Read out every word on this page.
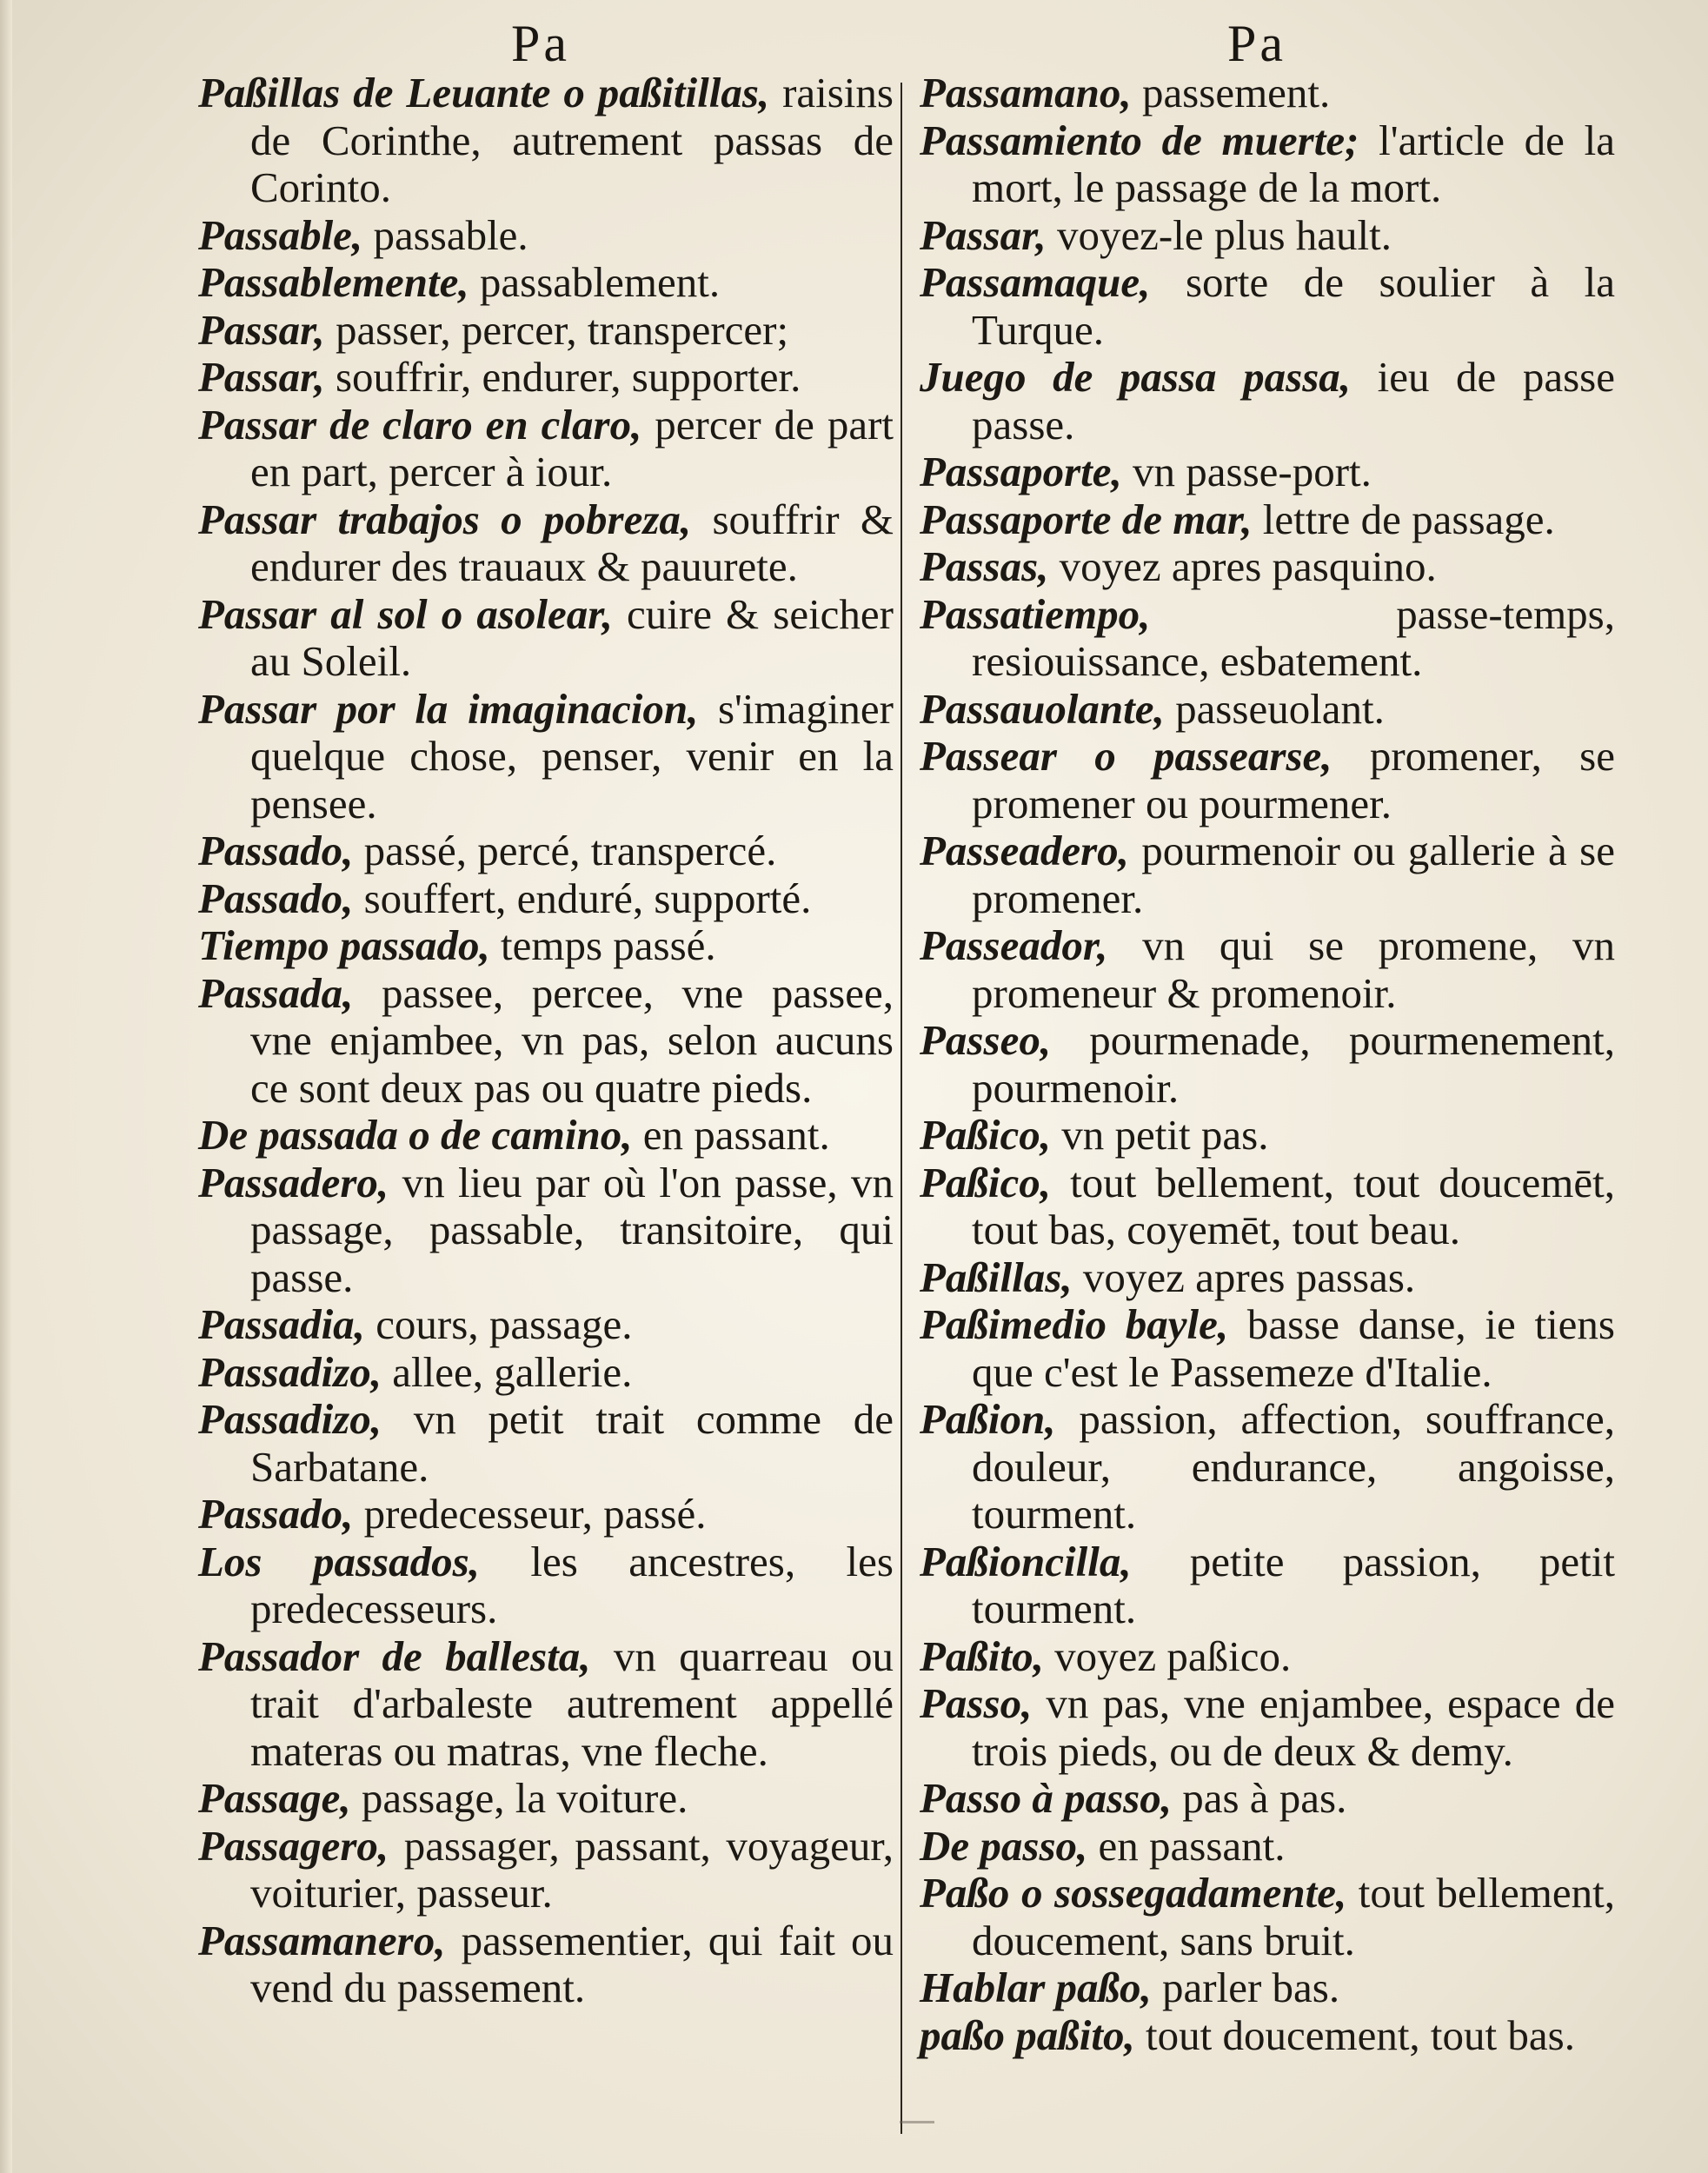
Pa	Pa
Paßillas de Leuante o paßitillas, raisins de Corinthe, autrement passas de Corinto.
Passable, passable.
Passablemente, passablement.
Passar, passer, percer, transpercer;
Passar, souffrir, endurer, supporter.
Passar de claro en claro, percer de part en part, percer à iour.
Passar trabajos o pobreza, souffrir & endurer des trauaux & pauurete.
Passar al sol o asolear, cuire & seicher au Soleil.
Passar por la imaginacion, s'imaginer quelque chose, penser, venir en la pensee.
Passado, passé, percé, transpercé.
Passado, souffert, enduré, supporté.
Tiempo passado, temps passé.
Passada, passee, percee, vne passee, vne enjambee, vn pas, selon aucuns ce sont deux pas ou quatre pieds.
De passada o de camino, en passant.
Passadero, vn lieu par où l'on passe, vn passage, passable, transitoire, qui passe.
Passadia, cours, passage.
Passadizo, allee, gallerie.
Passadizo, vn petit trait comme de Sarbatane.
Passado, predecesseur, passé.
Los passados, les ancestres, les predecesseurs.
Passador de ballesta, vn quarreau ou trait d'arbaleste autrement appellé materas ou matras, vne fleche.
Passage, passage, la voiture.
Passagero, passager, passant, voyageur, voiturier, passeur.
Passamanero, passementier, qui fait ou vend du passement.
Passamano, passement.
Passamiento de muerte; l'article de la mort, le passage de la mort.
Passar, voyez-le plus hault.
Passamaque, sorte de soulier à la Turque.
Juego de passa passa, ieu de passe passe.
Passaporte, vn passe-port.
Passaporte de mar, lettre de passage.
Passas, voyez apres pasquino.
Passatiempo, passe-temps, resiouissance, esbatement.
Passauolante, passeuolant.
Passear o passearse, promener, se promener ou pourmener.
Passeadero, pourmenoir ou gallerie à se promener.
Passeador, vn qui se promene, vn promeneur & promenoir.
Passeo, pourmenade, pourmenement, pourmenoir.
Paßico, vn petit pas.
Paßico, tout bellement, tout doucemēt, tout bas, coyemēt, tout beau.
Paßillas, voyez apres passas.
Paßimedio bayle, basse danse, ie tiens que c'est le Passemeze d'Italie.
Paßion, passion, affection, souffrance, douleur, endurance, angoisse, tourment.
Paßioncilla, petite passion, petit tourment.
Paßito, voyez paßico.
Passo, vn pas, vne enjambee, espace de trois pieds, ou de deux & demy.
Passo à passo, pas à pas.
De passo, en passant.
Paßo o sossegadamente, tout bellement, doucement, sans bruit.
Hablar paßo, parler bas.
paßo paßito, tout doucement, tout bas.
